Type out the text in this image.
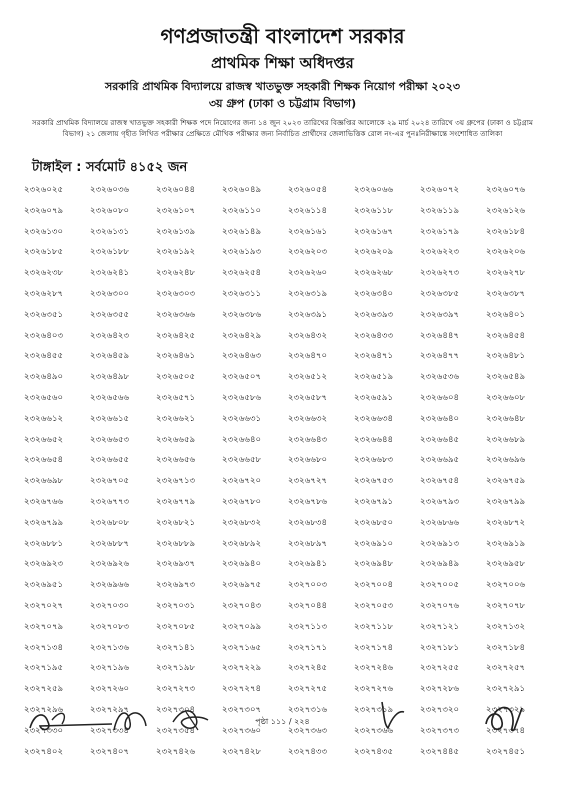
গণপ্রজাতন্ত্রী বাংলাদেশ সরকার
প্রাথমিক শিক্ষা অধিদপ্তর
সরকারি প্রাথমিক বিদ্যালয়ে রাজস্ব খাতভুক্ত সহকারী শিক্ষক নিয়োগ পরীক্ষা ২০২৩
৩য় গ্রুপ (ঢাকা ও চট্টগ্রাম বিভাগ)
সরকারি প্রাথমিক বিদ্যালয়ে রাজস্ব খাতভুক্ত সহকারী শিক্ষক পদে নিয়োগের জন্য ১৪ জুন ২০২৩ তারিখের বিজ্ঞপ্তির আলোকে ২৯ মার্চ ২০২৪ তারিখে ৩য় গ্রুপের (ঢাকা ও চট্টগ্রাম বিভাগ) ২১ জেলায় গৃহীত লিখিত পরীক্ষার প্রেক্ষিতে মৌখিক পরীক্ষার জন্য নির্বাচিত প্রার্থীদের জেলাভিত্তিক রোল নং-এর পুনঃনিরীক্ষান্তে সংশোধিত তালিকা
টাঙ্গাইল : সর্বমোট ৪১৫২ জন
২৩২৬০২৫	২৩২৬০৩৬	২৩২৬০৪৪	২৩২৬০৪৯	২৩২৬০৫৪	২৩২৬০৬৬	২৩২৬০৭২	২৩২৬০৭৬
২৩২৬০৭৯	২৩২৬০৮০	২৩২৬১০৭	২৩২৬১১০	২৩২৬১১৪	২৩২৬১১৮	২৩২৬১১৯	২৩২৬১২৬
২৩২৬১৩০	২৩২৬১৩১	২৩২৬১৩৯	২৩২৬১৪৯	২৩২৬১৬১	২৩২৬১৬৭	২৩২৬১৭৯	২৩২৬১৮৪
২৩২৬১৮৫	২৩২৬১৮৮	২৩২৬১৯২	২৩২৬১৯৩	২৩২৬২০৩	২৩২৬২০৯	২৩২৬২২৩	২৩২৬২০৬
২৩২৬২৩৮	২৩২৬২৪১	২৩২৬২৪৮	২৩২৬২৫৪	২৩২৬২৬০	২৩২৬২৬৮	২৩২৬২৭৩	২৩২৬২৭৮
২৩২৬২৮৭	২৩২৬৩০০	২৩২৬৩০৩	২৩২৬৩১১	২৩২৬৩১৯	২৩২৬৩৪০	২৩২৬৩৮৫	২৩২৬৩৮৭
২৩২৬৩৫১	২৩২৬৩৫৫	২৩২৬৩৬৬	২৩২৬৩৮৬	২৩২৬৩৯১	২৩২৬৩৯৩	২৩২৬৩৯৭	২৩২৬৪০১
২৩২৬৪০৩	২৩২৬৪২৩	২৩২৬৪২৫	২৩২৬৪২৯	২৩২৬৪৩২	২৩২৬৪৩৩	২৩২৬৪৪৭	২৩২৬৪৫৪
২৩২৬৪৫৫	২৩২৬৪৫৯	২৩২৬৪৬১	২৩২৬৪৬৩	২৩২৬৪৭০	২৩২৬৪৭১	২৩২৬৪৭৭	২৩২৬৪৮১
২৩২৬৪৯০	২৩২৬৪৯৮	২৩২৬৫০৫	২৩২৬৫০৭	২৩২৬৫১২	২৩২৬৫১৯	২৩২৬৫৩৬	২৩২৬৫৪৯
২৩২৬৫৬০	২৩২৬৫৬৬	২৩২৬৫৭১	২৩২৬৫৮৬	২৩২৬৫৮৭	২৩২৬৫৯১	২৩২৬৬০৪	২৩২৬৬০৮
২৩২৬৬১২	২৩২৬৬১৫	২৩২৬৬২১	২৩২৬৬৩১	২৩২৬৬৩২	২৩২৬৬৩৪	২৩২৬৬৪০	২৩২৬৬৪৮
২৩২৬৬৫২	২৩২৬৬৫৩	২৩২৬৬৫৯	২৩২৬৬৪০	২৩২৬৬৪৩	২৩২৬৬৪৪	২৩২৬৬৪৫	২৩২৬৬৮৯
২৩২৬৬৫৪	২৩২৬৬৫৫	২৩২৬৬৫৬	২৩২৬৬৫৮	২৩২৬৬৮০	২৩২৬৬৮৩	২৩২৬৬৯৫	২৩২৬৬৯৬
২৩২৬৬৯৮	২৩২৬৭০৫	২৩২৬৭১৩	২৩২৬৭২০	২৩২৬৭২৭	২৩২৬৭৫৩	২৩২৬৭৫৪	২৩২৬৭৫৯
২৩২৬৭৬৬	২৩২৬৭৭৩	২৩২৬৭৭৯	২৩২৬৭৮০	২৩২৬৭৮৬	২৩২৬৭৯১	২৩২৬৭৯৩	২৩২৬৭৯৯
২৩২৬৭৯৯	২৩২৬৮০৮	২৩২৬৮২১	২৩২৬৮৩২	২৩২৬৮৩৪	২৩২৬৮৫০	২৩২৬৮৬৬	২৩২৬৮৭২
২৩২৬৮৮১	২৩২৬৮৮৭	২৩২৬৮৮৯	২৩২৬৮৯২	২৩২৬৮৯৭	২৩২৬৯১০	২৩২৬৯১৩	২৩২৬৯১৯
২৩২৬৯২৩	২৩২৬৯২৬	২৩২৬৯৩৭	২৩২৬৯৪০	২৩২৬৯৪১	২৩২৬৯৪৮	২৩২৬৯৪৯	২৩২৬৯৫৮
২৩২৬৯৫১	২৩২৬৯৬৬	২৩২৬৯৭৩	২৩২৬৯৭৫	২৩২৭০০৩	২৩২৭০০৪	২৩২৭০০৫	২৩২৭০০৬
২৩২৭০২৭	২৩২৭০৩০	২৩২৭০৩১	২৩২৭০৪৩	২৩২৭০৪৪	২৩২৭০৫৩	২৩২৭০৭৬	২৩২৭০৭৮
২৩২৭০৭৯	২৩২৭০৮৩	২৩২৭০৮৫	২৩২৭০৯৯	২৩২৭১১৩	২৩২৭১১৮	২৩২৭১২১	২৩২৭১৩২
২৩২৭১৩৪	২৩২৭১৩৬	২৩২৭১৪১	২৩২৭১৬৫	২৩২৭১৭১	২৩২৭১৭৪	২৩২৭১৮১	২৩২৭১৮৪
২৩২৭১৯৫	২৩২৭১৯৬	২৩২৭১৯৮	২৩২৭২২৯	২৩২৭২৪৫	২৩২৭২৪৬	২৩২৭২৫৫	২৩২৭২৫৭
২৩২৭২৫৯	২৩২৭২৬০	২৩২৭২৭৩	২৩২৭২৭৪	২৩২৭২৭৫	২৩২৭২৭৬	২৩২৭২৮৬	২৩২৭২৯১
২৩২৭২৯৬	২৩২৭২৯৭	২৩২৭৩০৪	২৩২৭৩০৭	২৩২৭৩১৬	২৩২৭৩১৯	২৩২৭৩২০	২৩২৭৩২৯
২৩২৭৩৩০	২৩২৭৩৩৪	২৩২৭৩৫৪	২৩২৭৩৬০	২৩২৭৩৬৩	২৩২৭৩৬৬	২৩২৭৩৭৩	২৩২৭৩৭৪
২৩২৭৪০২	২৩২৭৪০৭	২৩২৭৪২৬	২৩২৭৪২৮	২৩২৭৪৩৩	২৩২৭৪৩৫	২৩২৭৪৪৫	২৩২৭৪৫১
পৃষ্ঠা ১১১ / ২২৪
